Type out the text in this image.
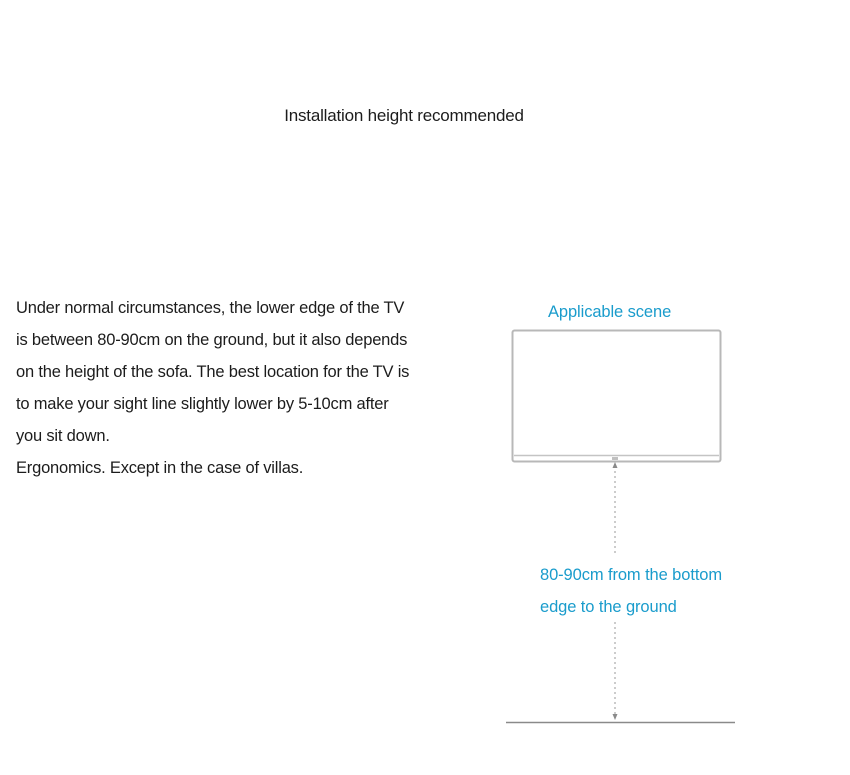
Installation height recommended
Under normal circumstances, the lower edge of the TV
is between 80-90cm on the ground, but it also depends
on the height of the sofa. The best location for the TV is
to make your sight line slightly lower by 5-10cm after
you sit down.
Ergonomics. Except in the case of villas.
Applicable scene
80-90cm from the bottom
edge to the ground
